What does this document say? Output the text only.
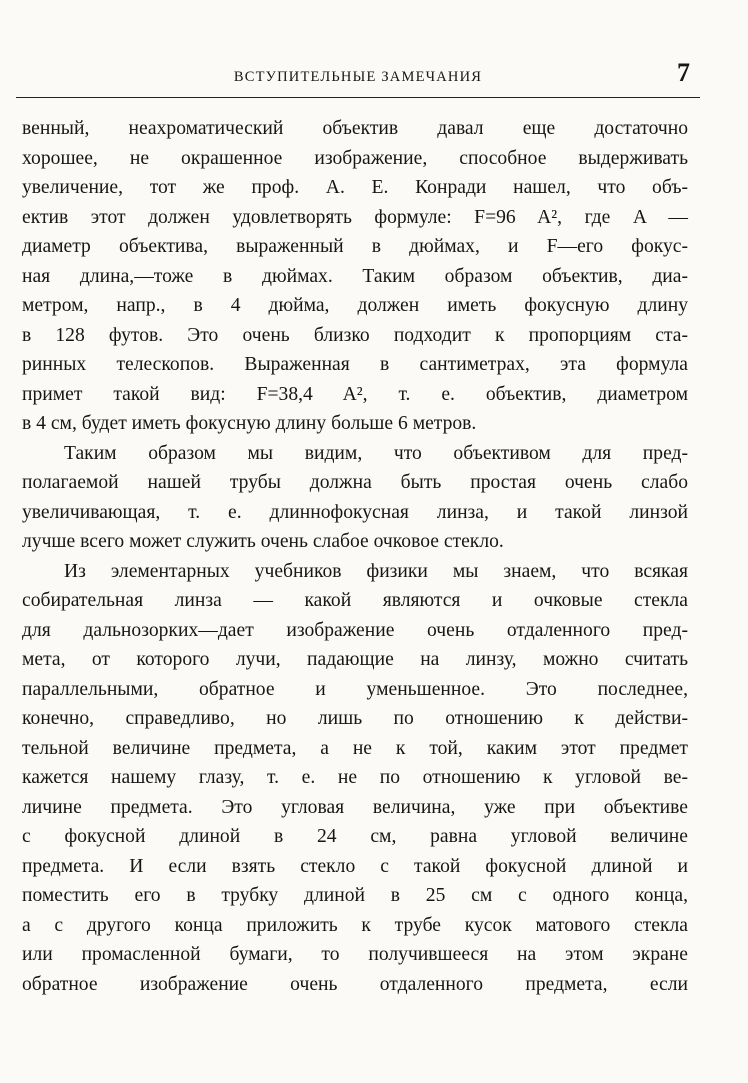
ВСТУПИТЕЛЬНЫЕ ЗАМЕЧАНИЯ	7

венный, неахроматический объектив давал еще достаточно
хорошее, не окрашенное изображение, способное выдерживать
увеличение, тот же проф. А. Е. Конради нашел, что объ-
ектив этот должен удовлетворять формуле: F=96 A², где A —
диаметр объектива, выраженный в дюймах, и F—его фокус-
ная длина,—тоже в дюймах. Таким образом объектив, диа-
метром, напр., в 4 дюйма, должен иметь фокусную длину
в 128 футов. Это очень близко подходит к пропорциям ста-
ринных телескопов. Выраженная в сантиметрах, эта формула
примет такой вид: F=38,4 A², т. е. объектив, диаметром
в 4 см, будет иметь фокусную длину больше 6 метров.

Таким образом мы видим, что объективом для пред-
полагаемой нашей трубы должна быть простая очень слабо
увеличивающая, т. е. длиннофокусная линза, и такой линзой
лучше всего может служить очень слабое очковое стекло.

Из элементарных учебников физики мы знаем, что всякая
собирательная линза — какой являются и очковые стекла
для дальнозорких—дает изображение очень отдаленного пред-
мета, от которого лучи, падающие на линзу, можно считать
параллельными, обратное и уменьшенное. Это последнее,
конечно, справедливо, но лишь по отношению к действи-
тельной величине предмета, а не к той, каким этот предмет
кажется нашему глазу, т. е. не по отношению к угловой ве-
личине предмета. Это угловая величина, уже при объективе
с фокусной длиной в 24 см, равна угловой величине
предмета. И если взять стекло с такой фокусной длиной и
поместить его в трубку длиной в 25 см с одного конца,
а с другого конца приложить к трубе кусок матового стекла
или промасленной бумаги, то получившееся на этом экране
обратное изображение очень отдаленного предмета, если
